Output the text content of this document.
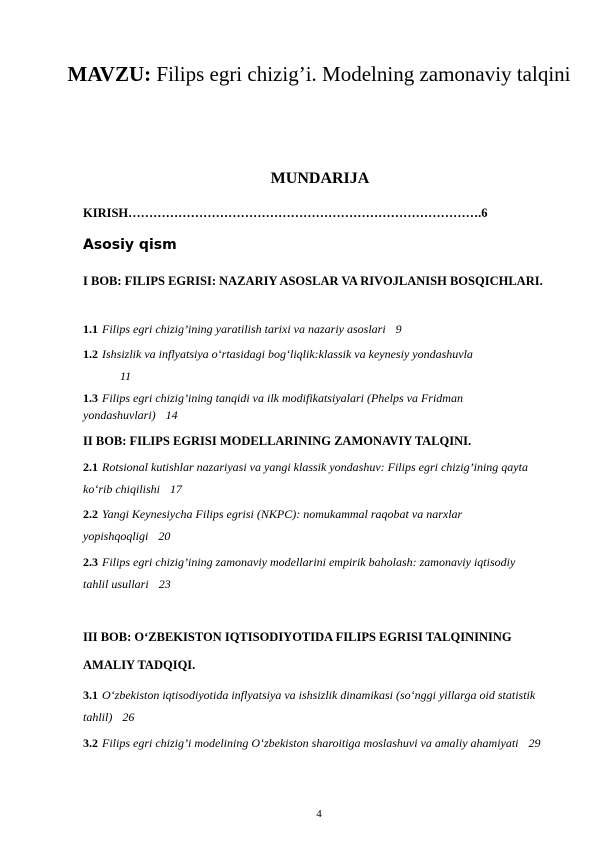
MAVZU: Filips egri chizig’i. Modelning zamonaviy talqini
MUNDARIJA
KIRISH………………………………………………………………………….6
Asosiy qism
I BOB: FILIPS EGRISI: NAZARIY ASOSLAR VA RIVOJLANISH BOSQICHLARI.
1.1 Filips egri chizig’ining yaratilish tarixi va nazariy asoslari 9
1.2 Ishsizlik va inflyatsiya o‘rtasidagi bog‘liqlik:klassik va keynesiy yondashuvla
11
1.3 Filips egri chizig’ining tanqidi va ilk modifikatsiyalari (Phelps va Fridman yondashuvlari) 14
II BOB: FILIPS EGRISI MODELLARINING ZAMONAVIY TALQINI.
2.1 Rotsional kutishlar nazariyasi va yangi klassik yondashuv: Filips egri chizig’ining qayta ko‘rib chiqilishi 17
2.2 Yangi Keynesiycha Filips egrisi (NKPC): nomukammal raqobat va narxlar yopishqoqligi 20
2.3 Filips egri chizig’ining zamonaviy modellarini empirik baholash: zamonaviy iqtisodiy tahlil usullari 23
III BOB: O‘ZBEKISTON IQTISODIYOTIDA FILIPS EGRISI TALQININING AMALIY TADQIQI.
3.1 O‘zbekiston iqtisodiyotida inflyatsiya va ishsizlik dinamikasi (so‘nggi yillarga oid statistik tahlil) 26
3.2 Filips egri chizig’i modelining O‘zbekiston sharoitiga moslashuvi va amaliy ahamiyati 29
4
